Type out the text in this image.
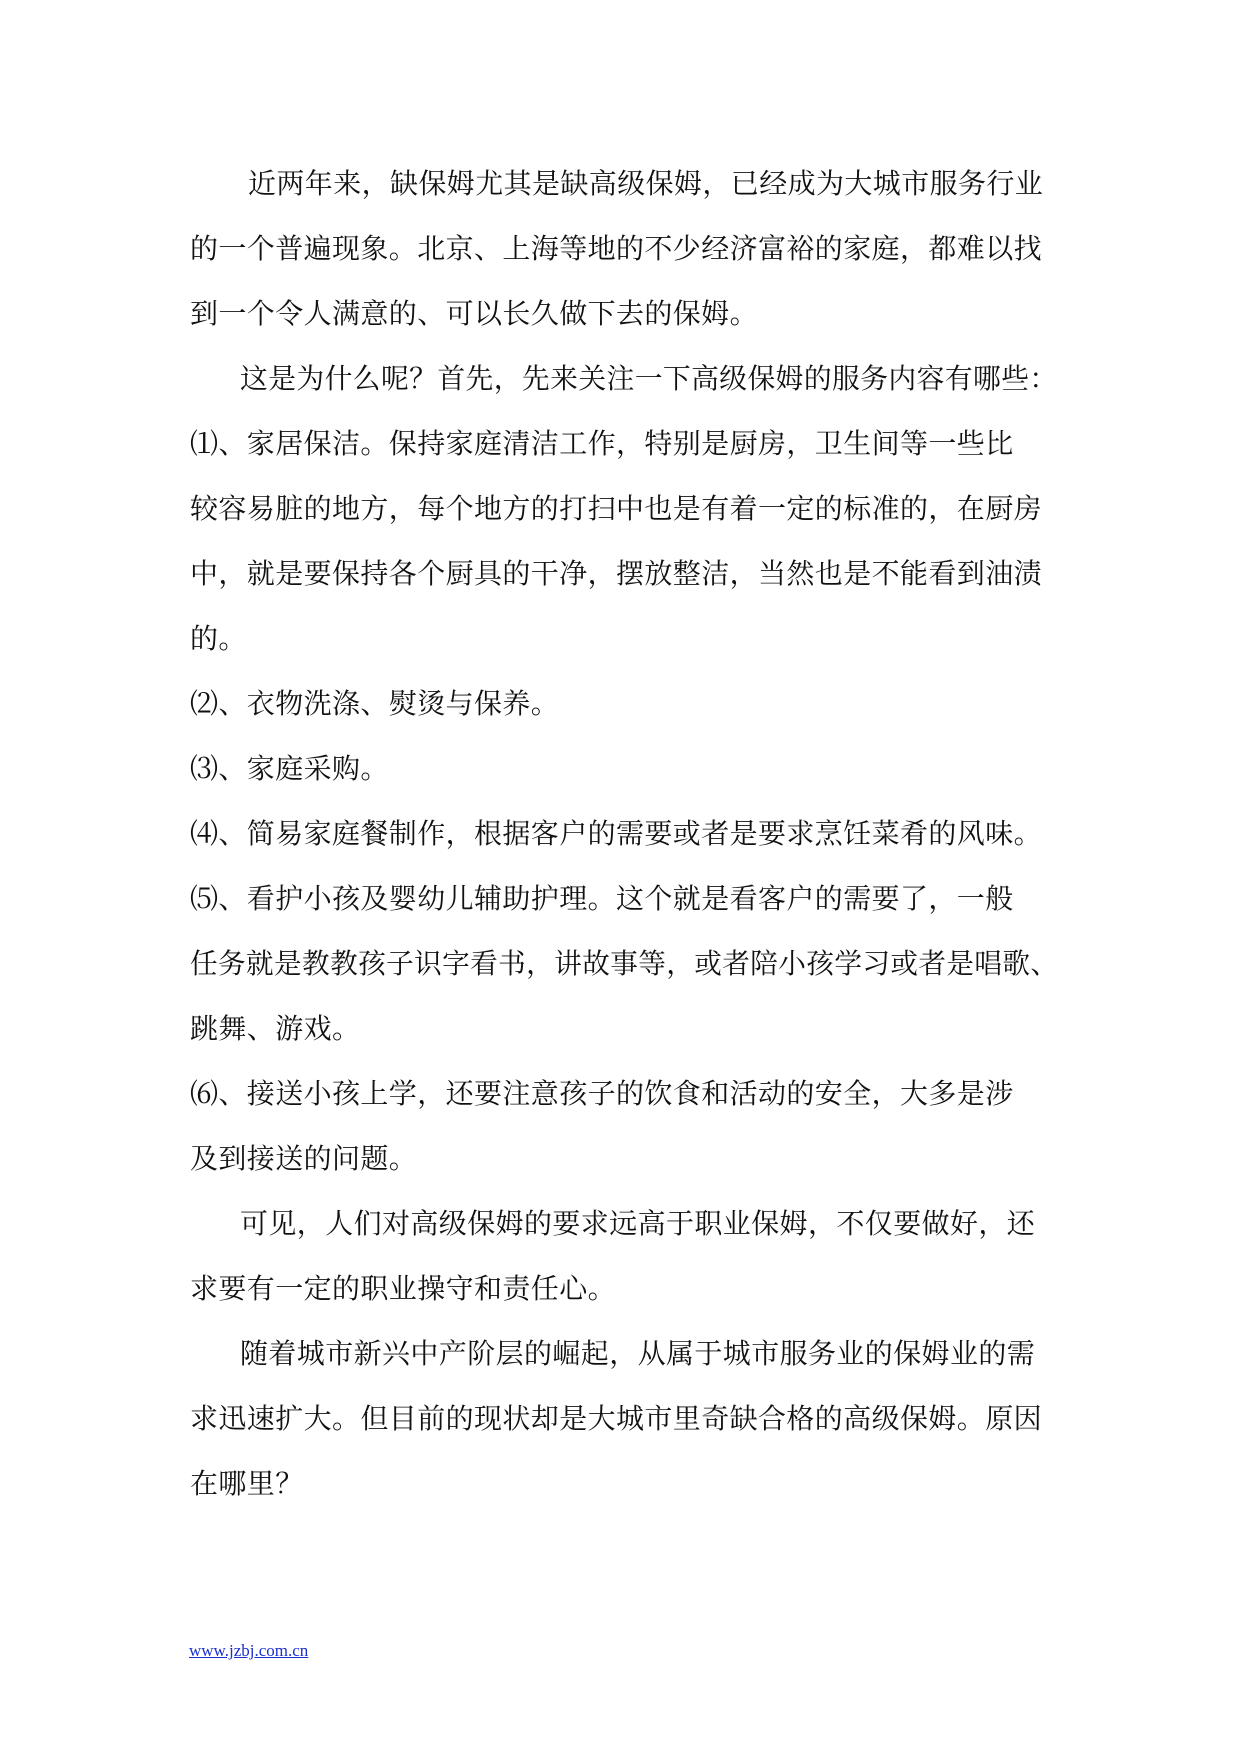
近两年来，缺保姆尤其是缺高级保姆，已经成为大城市服务行业
的一个普遍现象。北京、上海等地的不少经济富裕的家庭，都难以找
到一个令人满意的、可以长久做下去的保姆。
这是为什么呢？首先，先来关注一下高级保姆的服务内容有哪些：
⑴、家居保洁。保持家庭清洁工作，特别是厨房，卫生间等一些比
较容易脏的地方，每个地方的打扫中也是有着一定的标准的，在厨房
中，就是要保持各个厨具的干净，摆放整洁，当然也是不能看到油渍
的。
⑵、衣物洗涤、熨烫与保养。
⑶、家庭采购。
⑷、简易家庭餐制作，根据客户的需要或者是要求烹饪菜肴的风味。
⑸、看护小孩及婴幼儿辅助护理。这个就是看客户的需要了，一般
任务就是教教孩子识字看书，讲故事等，或者陪小孩学习或者是唱歌、
跳舞、游戏。
⑹、接送小孩上学，还要注意孩子的饮食和活动的安全，大多是涉
及到接送的问题。
可见，人们对高级保姆的要求远高于职业保姆，不仅要做好，还
求要有一定的职业操守和责任心。
随着城市新兴中产阶层的崛起，从属于城市服务业的保姆业的需
求迅速扩大。但目前的现状却是大城市里奇缺合格的高级保姆。原因
在哪里？
www.jzbj.com.cn
